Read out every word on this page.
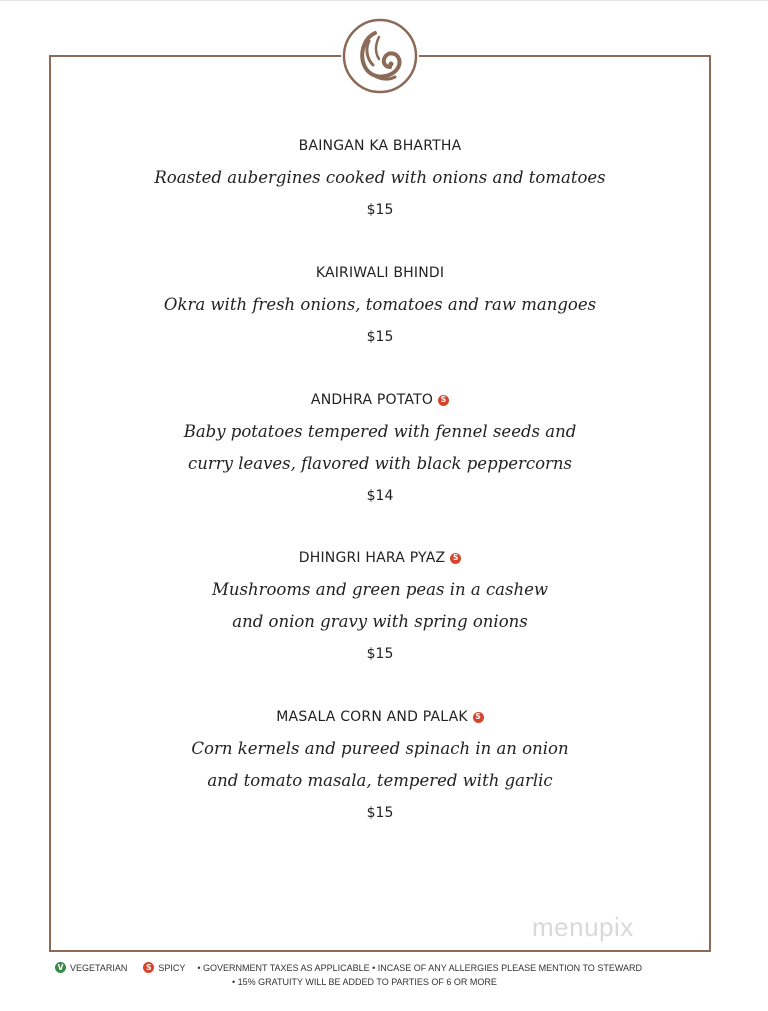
BAINGAN KA BHARTHA
Roasted aubergines cooked with onions and tomatoes
$15
KAIRIWALI BHINDI
Okra with fresh onions, tomatoes and raw mangoes
$15
ANDHRA POTATO	S
Baby potatoes tempered with fennel seeds and
curry leaves, flavored with black peppercorns
$14
DHINGRI HARA PYAZ	S
Mushrooms and green peas in a cashew
and onion gravy with spring onions
$15
MASALA CORN AND PALAK	S
Corn kernels and pureed spinach in an onion
and tomato masala, tempered with garlic
$15
menupix
V VEGETARIAN	S SPICY • GOVERNMENT TAXES AS APPLICABLE • INCASE OF ANY ALLERGIES PLEASE MENTION TO STEWARD
• 15% GRATUITY WILL BE ADDED TO PARTIES OF 6 OR MORE
